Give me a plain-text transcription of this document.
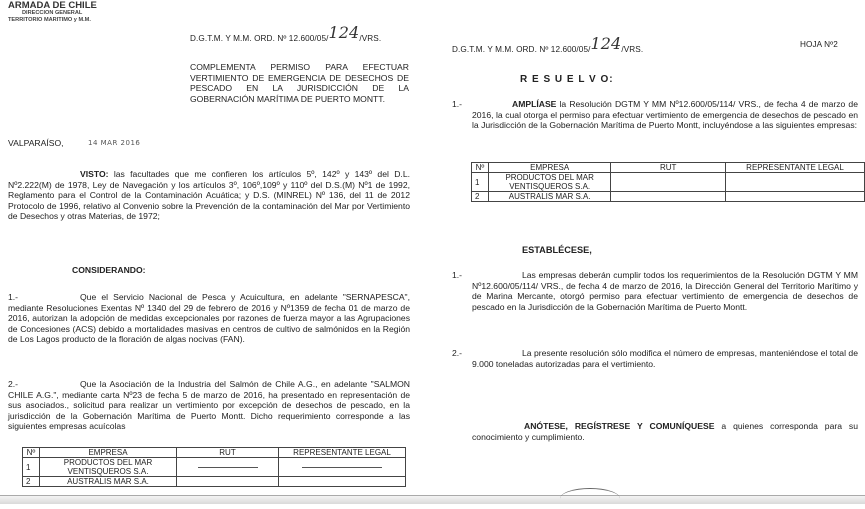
ARMADA DE CHILE
DIRECCION GENERAL
TERRITORIO MARITIMO y M.M.
D.G.T.M. Y M.M. ORD. Nº 12.600/05/124/VRS.
COMPLEMENTA PERMISO PARA EFECTUAR VERTIMIENTO DE EMERGENCIA DE DESECHOS DE PESCADO EN LA JURISDICCIÓN DE LA GOBERNACIÓN MARÍTIMA DE PUERTO MONTT.
VALPARAÍSO,	14 MAR 2016
VISTO: las facultades que me confieren los artículos 5º, 142º y 143º del D.L. Nº2.222(M) de 1978, Ley de Navegación y los artículos 3º, 106º,109º y 110º del D.S.(M) Nº1 de 1992, Reglamento para el Control de la Contaminación Acuática; y D.S. (MINREL) Nº 136, del 11 de 2012 Protocolo de 1996, relativo al Convenio sobre la Prevención de la contaminación del Mar por Vertimiento de Desechos y otras Materias, de 1972;
CONSIDERANDO:
1.-	Que el Servicio Nacional de Pesca y Acuicultura, en adelante "SERNAPESCA", mediante Resoluciones Exentas Nº 1340 del 29 de febrero de 2016 y Nº1359 de fecha 01 de marzo de 2016, autorizan la adopción de medidas excepcionales por razones de fuerza mayor a las Agrupaciones de Concesiones (ACS) debido a mortalidades masivas en centros de cultivo de salmónidos en la Región de Los Lagos producto de la floración de algas nocivas (FAN).
2.-	Que la Asociación de la Industria del Salmón de Chile A.G., en adelante "SALMON CHILE A.G.", mediante carta Nº23 de fecha 5 de marzo de 2016, ha presentado en representación de sus asociados., solicitud para realizar un vertimiento por excepción de desechos de pescado, en la jurisdicción de la Gobernación Marítima de Puerto Montt. Dicho requerimiento corresponde a las siguientes empresas acuícolas
Nº	EMPRESA	RUT	REPRESENTANTE LEGAL
1	PRODUCTOS DEL MAR VENTISQUEROS S.A.		
2	AUSTRALIS MAR S.A.		
D.G.T.M. Y M.M. ORD. Nº 12.600/05/124/VRS.
HOJA Nº2
R E S U E L V O:
1.-	AMPLÍASE la Resolución DGTM Y MM Nº12.600/05/114/ VRS., de fecha 4 de marzo de 2016, la cual otorga el permiso para efectuar vertimiento de emergencia de desechos de pescado en la Jurisdicción de la Gobernación Marítima de Puerto Montt, incluyéndose a las siguientes empresas:
Nº	EMPRESA	RUT	REPRESENTANTE LEGAL
1	PRODUCTOS DEL MAR VENTISQUEROS S.A.		
2	AUSTRALIS MAR S.A.		
ESTABLÉCESE,
1.-	Las empresas deberán cumplir todos los requerimientos de la Resolución DGTM Y MM Nº12.600/05/114/ VRS., de fecha 4 de marzo de 2016, la Dirección General del Territorio Marítimo y de Marina Mercante, otorgó permiso para efectuar vertimiento de emergencia de desechos de pescado en la Jurisdicción de la Gobernación Marítima de Puerto Montt.
2.-	La presente resolución sólo modifica el número de empresas, manteniéndose el total de 9.000 toneladas autorizadas para el vertimiento.
ANÓTESE, REGÍSTRESE Y COMUNÍQUESE a quienes corresponda para su conocimiento y cumplimiento.
